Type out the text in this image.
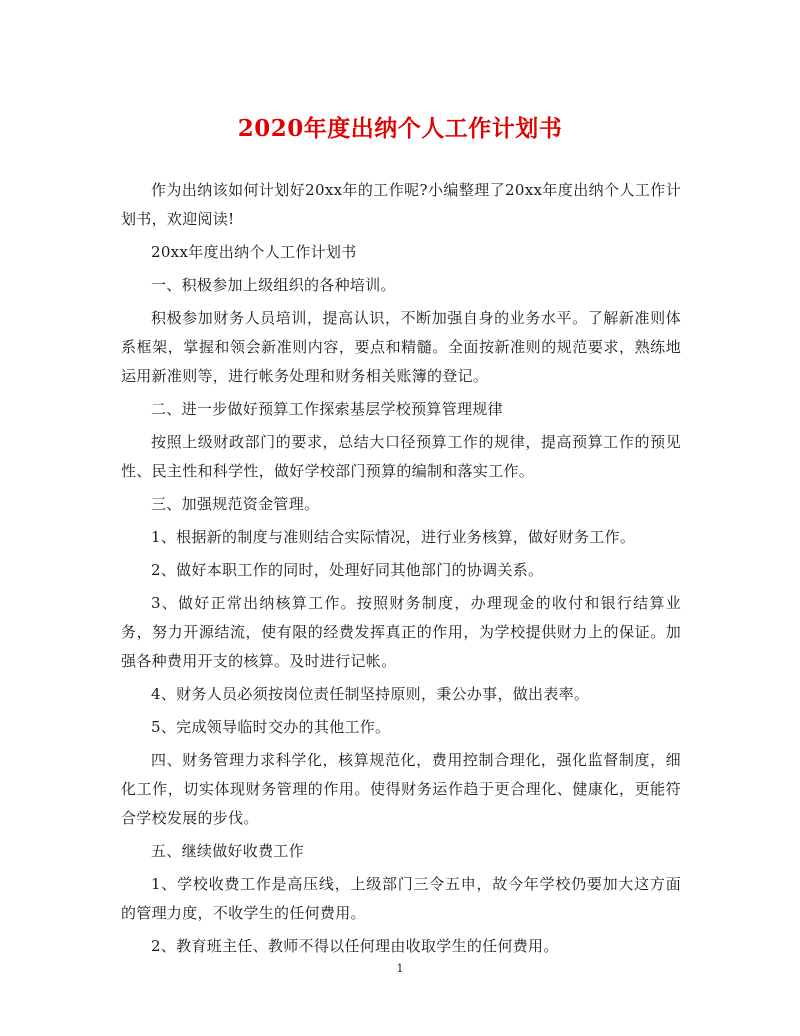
2020年度出纳个人工作计划书

作为出纳该如何计划好20xx年的工作呢?小编整理了20xx年度出纳个人工作计划书，欢迎阅读!

20xx年度出纳个人工作计划书

一、积极参加上级组织的各种培训。

积极参加财务人员培训，提高认识，不断加强自身的业务水平。了解新准则体系框架，掌握和领会新准则内容，要点和精髓。全面按新准则的规范要求，熟练地运用新准则等，进行帐务处理和财务相关账簿的登记。

二、进一步做好预算工作探索基层学校预算管理规律

按照上级财政部门的要求，总结大口径预算工作的规律，提高预算工作的预见性、民主性和科学性，做好学校部门预算的编制和落实工作。

三、加强规范资金管理。

1、根据新的制度与准则结合实际情况，进行业务核算，做好财务工作。

2、做好本职工作的同时，处理好同其他部门的协调关系。

3、做好正常出纳核算工作。按照财务制度，办理现金的收付和银行结算业务，努力开源结流，使有限的经费发挥真正的作用，为学校提供财力上的保证。加强各种费用开支的核算。及时进行记帐。

4、财务人员必须按岗位责任制坚持原则，秉公办事，做出表率。

5、完成领导临时交办的其他工作。

四、财务管理力求科学化，核算规范化，费用控制合理化，强化监督制度，细化工作，切实体现财务管理的作用。使得财务运作趋于更合理化、健康化，更能符合学校发展的步伐。

五、继续做好收费工作

1、学校收费工作是高压线，上级部门三令五申，故今年学校仍要加大这方面的管理力度，不收学生的任何费用。

2、教育班主任、教师不得以任何理由收取学生的任何费用。

1
